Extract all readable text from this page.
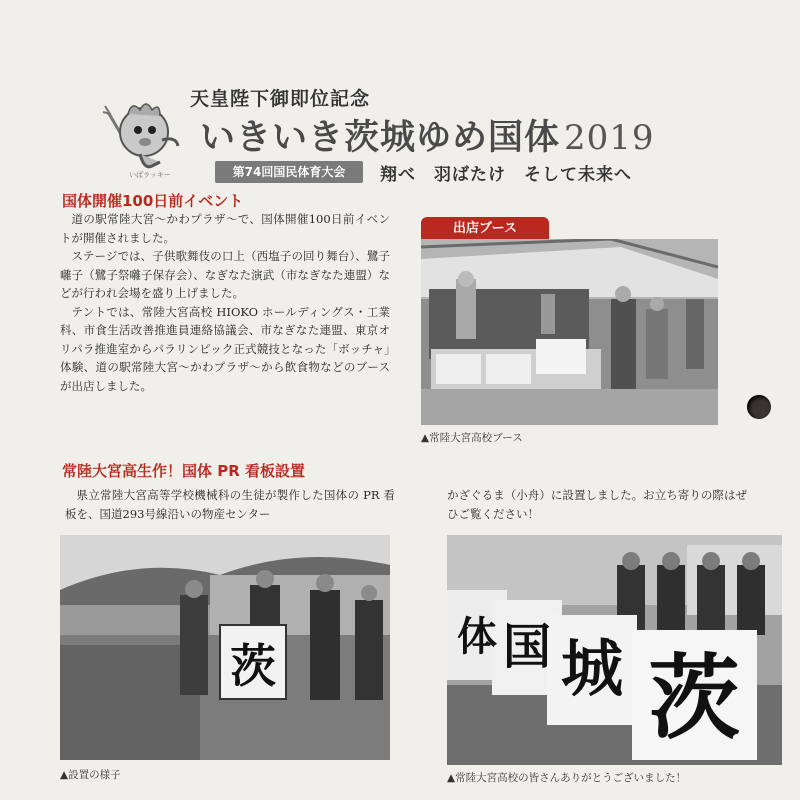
いばラッキー
天皇陛下御即位記念
いきいき茨城ゆめ国体 2019
第74回国民体育大会	翔べ　羽ばたけ　そして未来へ
国体開催100日前イベント

道の駅常陸大宮～かわプラザ～で、国体開催100日前イベントが開催されました。

ステージでは、子供歌舞伎の口上（西塩子の回り舞台）、鷺子囃子（鷺子祭囃子保存会）、なぎなた演武（市なぎなた連盟）などが行われ会場を盛り上げました。

テントでは、常陸大宮高校 HIOKO ホールディングス・工業科、市食生活改善推進員連絡協議会、市なぎなた連盟、東京オリパラ推進室からパラリンピック正式競技となった「ボッチャ」体験、道の駅常陸大宮～かわプラザ～から飲食物などのブースが出店しました。

出店ブース
▲常陸大宮高校ブース
常陸大宮高生作！国体 PR 看板設置

県立常陸大宮高等学校機械科の生徒が製作した国体の PR 看板を、国道293号線沿いの物産センター

かざぐるま（小舟）に設置しました。お立ち寄りの際はぜひご覧ください！

茨
▲設置の様子
体 国 城 茨
▲常陸大宮高校の皆さんありがとうございました！
